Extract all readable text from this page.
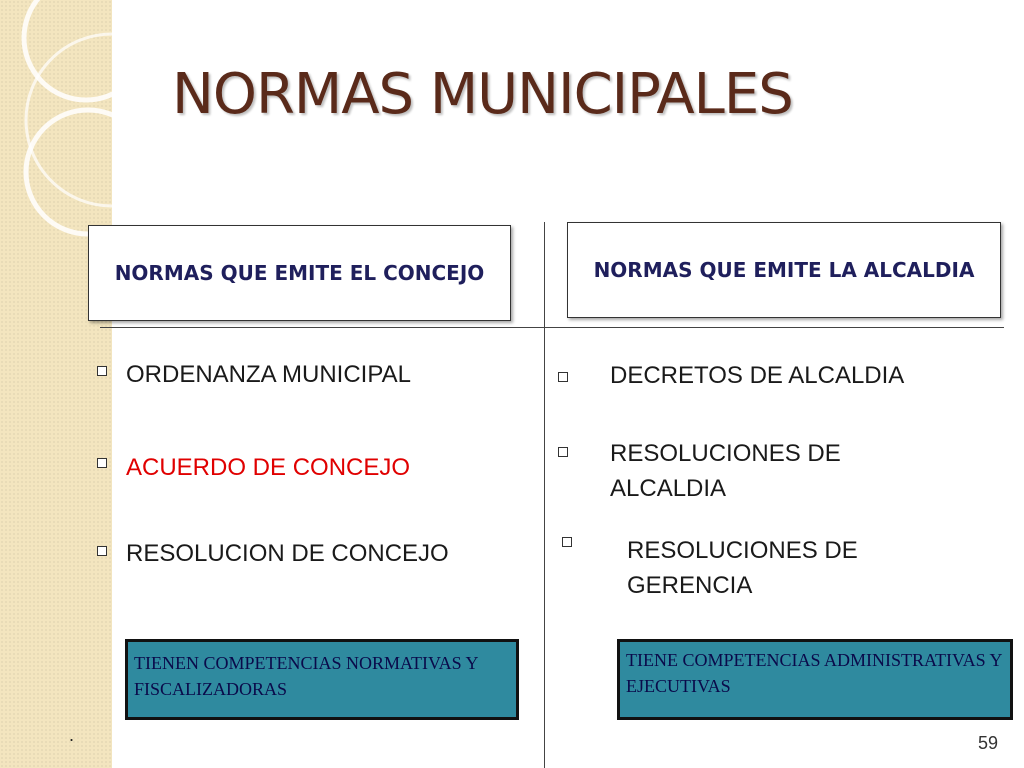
NORMAS MUNICIPALES
NORMAS QUE EMITE EL CONCEJO	NORMAS QUE EMITE LA ALCALDIA
ORDENANZA MUNICIPAL
ACUERDO DE CONCEJO
RESOLUCION DE CONCEJO
DECRETOS DE ALCALDIA
RESOLUCIONES DE ALCALDIA
RESOLUCIONES DE GERENCIA
TIENEN COMPETENCIAS NORMATIVAS Y FISCALIZADORAS
TIENE COMPETENCIAS ADMINISTRATIVAS Y EJECUTIVAS
.	59
